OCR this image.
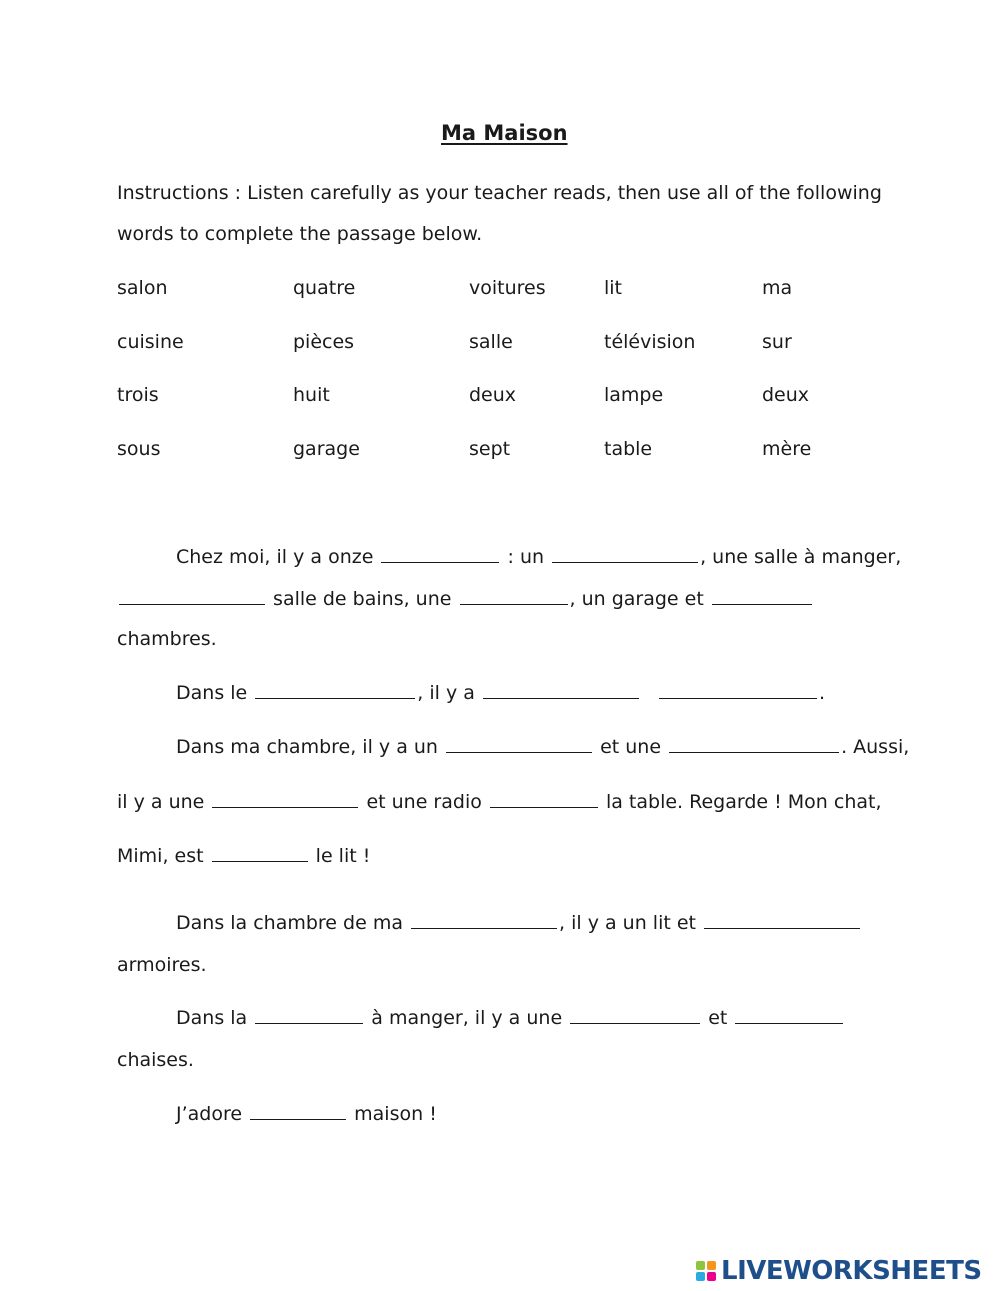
Ma Maison
Instructions : Listen carefully as your teacher reads, then use all of the following
words to complete the passage below.
salon	quatre	voitures	lit	ma
cuisine	pièces	salle	télévision	sur
trois	huit	deux	lampe	deux
sous	garage	sept	table	mère
Chez moi, il y a onze	: un	, une salle à manger,
salle de bains, une	, un garage et
chambres.
Dans le	, il y a	.
Dans ma chambre, il y a un	et une	. Aussi,
il y a une	et une radio	la table. Regarde ! Mon chat,
Mimi, est	le lit !
Dans la chambre de ma	, il y a un lit et
armoires.
Dans la	à manger, il y a une	et
chaises.
J’adore	maison !
LIVEWORKSHEETS
